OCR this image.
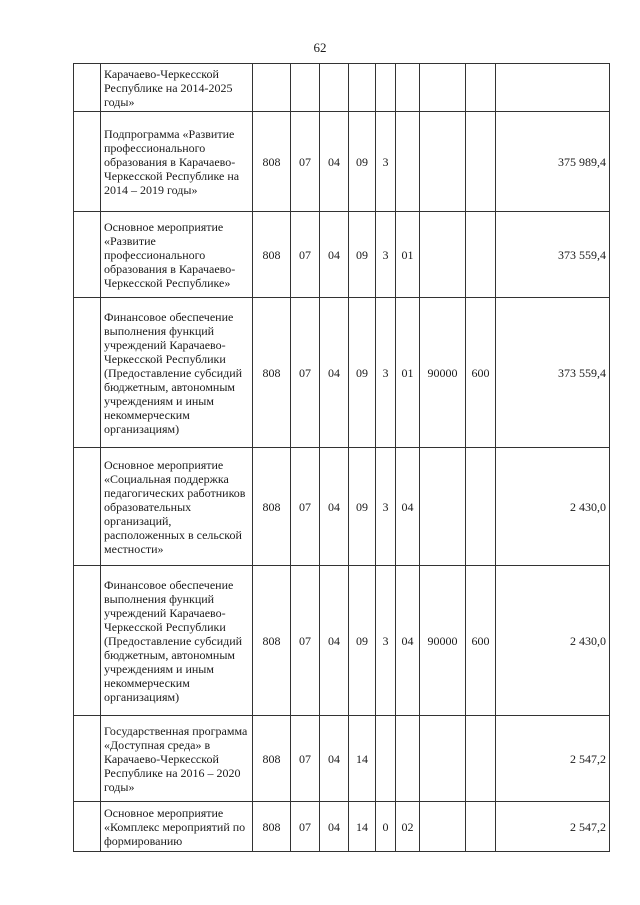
62
	Карачаево-Черкесской Республике на 2014-2025 годы»									
	Подпрограмма «Развитие профессионального образования в Карачаево-Черкесской Республике на 2014 – 2019 годы»	808	07	04	09	3				375 989,4
	Основное мероприятие «Развитие профессионального образования в Карачаево-Черкесской Республике»	808	07	04	09	3	01			373 559,4
	Финансовое обеспечение выполнения функций учреждений Карачаево-Черкесской Республики (Предоставление субсидий бюджетным, автономным учреждениям и иным некоммерческим организациям)	808	07	04	09	3	01	90000	600	373 559,4
	Основное мероприятие «Социальная поддержка педагогических работников образовательных организаций, расположенных в сельской местности»	808	07	04	09	3	04			2 430,0
	Финансовое обеспечение выполнения функций учреждений Карачаево-Черкесской Республики (Предоставление субсидий бюджетным, автономным учреждениям и иным некоммерческим организациям)	808	07	04	09	3	04	90000	600	2 430,0
	Государственная программа «Доступная среда» в Карачаево-Черкесской Республике на 2016 – 2020 годы»	808	07	04	14					2 547,2
	Основное мероприятие «Комплекс мероприятий по формированию	808	07	04	14	0	02			2 547,2
